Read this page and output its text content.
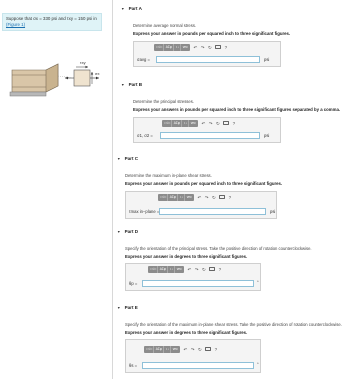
Suppose that σx = 330 psi and τxy = 150 psi in
(Figure 1)
τxy
σx
▼ Part A
Determine average normal stress.
Express your answer in pounds per squared inch to three significant figures.
□√□	ΑΣφ	↕↓	vec	↶ ↷ ↻	?
σavg =	psi
▼ Part B
Determine the principal stresses.
Express your answers in pounds per squared inch to three significant figures separated by a comma.
□√□	ΑΣφ	↕↓	vec	↶ ↷ ↻	?
σ1, σ2 =	psi
▼ Part C
Determine the maximum in-plane shear stress.
Express your answer in pounds per squared inch to three significant figures.
□√□	ΑΣφ	↕↓	vec	↶ ↷ ↻	?
τmax in−plane =	psi
▼ Part D
Specify the orientation of the principal stress. Take the positive direction of rotation counterclockwise.
Express your answer in degrees to three significant figures.
□√□	ΑΣφ	↕↓	vec	↶ ↷ ↻	?
θp =	°
▼ Part E
Specify the orientation of the maximum in-plane shear stress. Take the positive direction of rotation counterclockwise.
Express your answer in degrees to three significant figures.
□√□	ΑΣφ	↕↓	vec	↶ ↷ ↻	?
θs =	°
